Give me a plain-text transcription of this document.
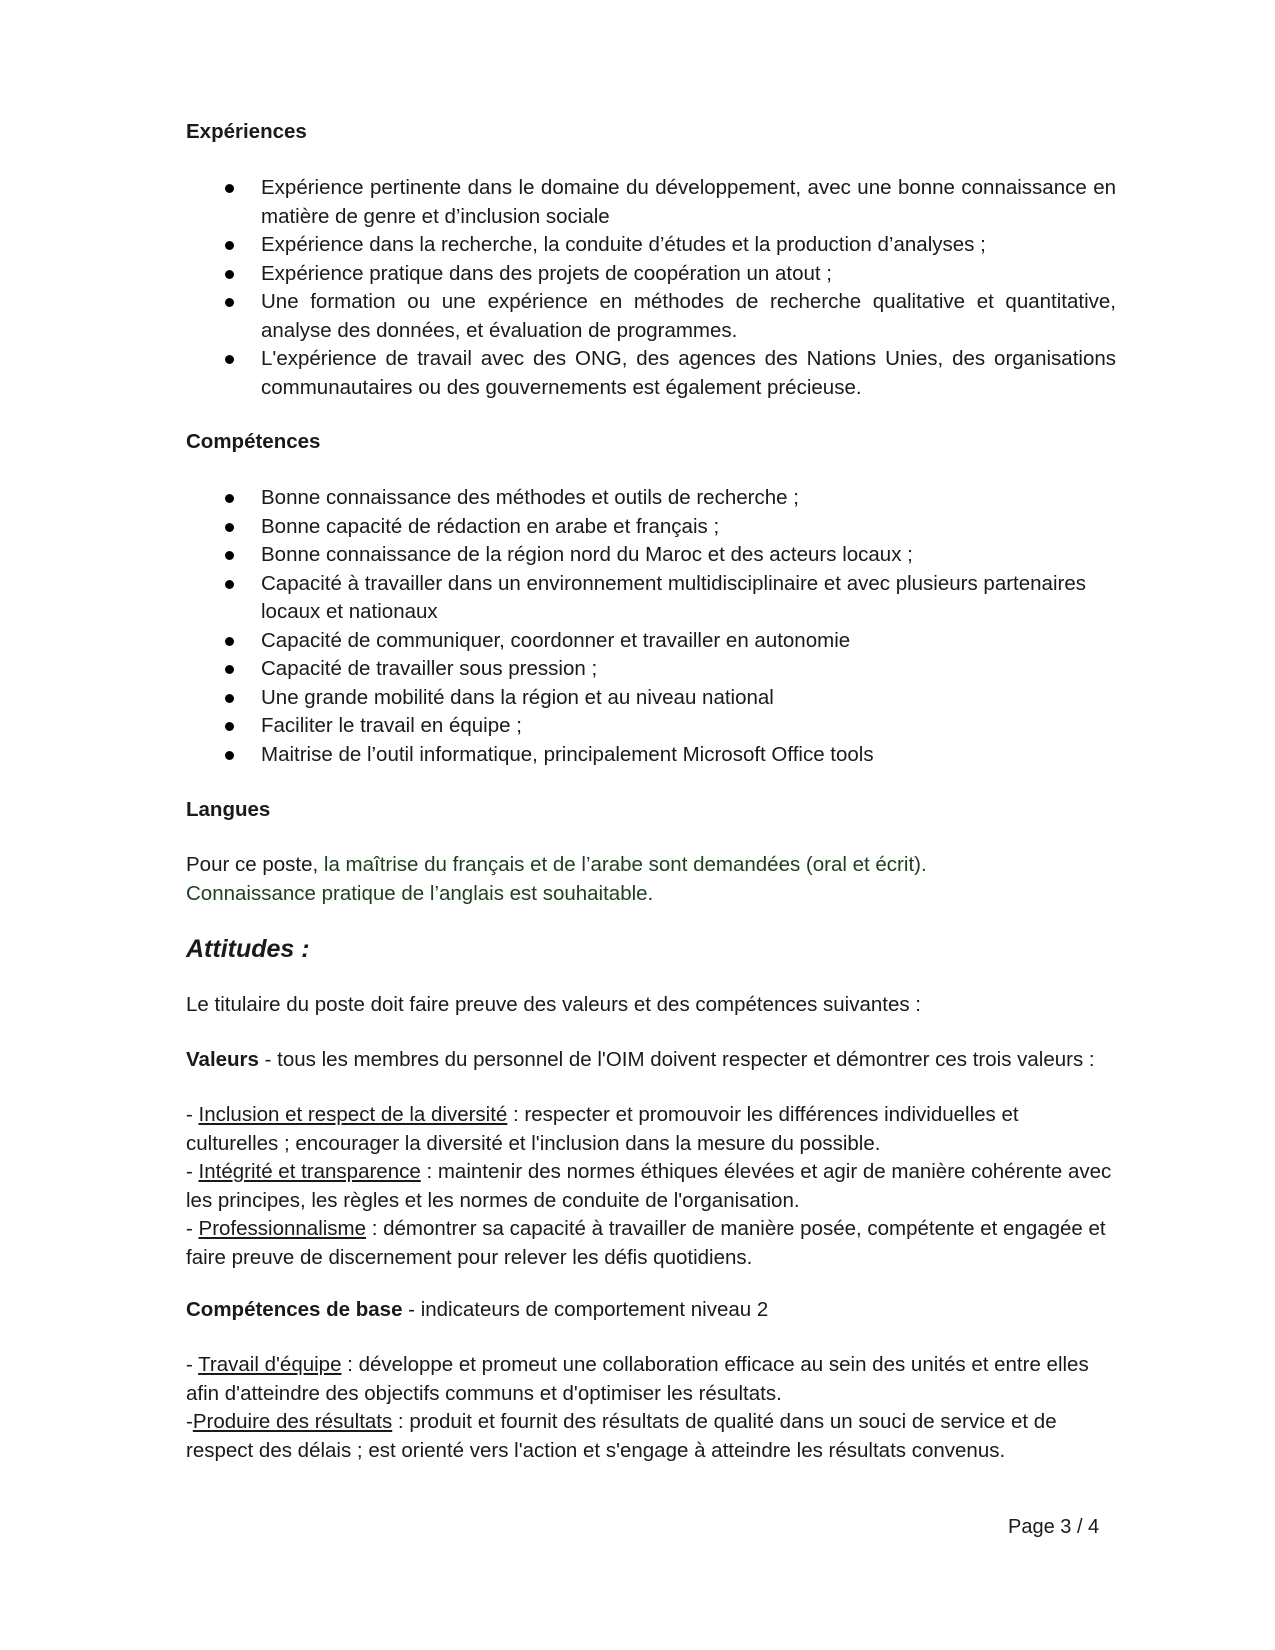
Expériences
Expérience pertinente dans le domaine du développement, avec une bonne connaissance en matière de genre et d’inclusion sociale
Expérience dans la recherche, la conduite d’études et la production d’analyses ;
Expérience pratique dans des projets de coopération un atout ;
Une formation ou une expérience en méthodes de recherche qualitative et quantitative, analyse des données, et évaluation de programmes.
L'expérience de travail avec des ONG, des agences des Nations Unies, des organisations communautaires ou des gouvernements est également précieuse.
Compétences
Bonne connaissance des méthodes et outils de recherche ;
Bonne capacité de rédaction en arabe et français ;
Bonne connaissance de la région nord du Maroc et des acteurs locaux ;
Capacité à travailler dans un environnement multidisciplinaire et avec plusieurs partenaires locaux et nationaux
Capacité de communiquer, coordonner et travailler en autonomie
Capacité de travailler sous pression ;
Une grande mobilité dans la région et au niveau national
Faciliter le travail en équipe ;
Maitrise de l’outil informatique, principalement Microsoft Office tools
Langues
Pour ce poste, la maîtrise du français et de l’arabe sont demandées (oral et écrit).
Connaissance pratique de l’anglais est souhaitable.
Attitudes :
Le titulaire du poste doit faire preuve des valeurs et des compétences suivantes :
Valeurs - tous les membres du personnel de l'OIM doivent respecter et démontrer ces trois valeurs :
- Inclusion et respect de la diversité : respecter et promouvoir les différences individuelles et culturelles ; encourager la diversité et l'inclusion dans la mesure du possible.
- Intégrité et transparence : maintenir des normes éthiques élevées et agir de manière cohérente avec les principes, les règles et les normes de conduite de l'organisation.
- Professionnalisme : démontrer sa capacité à travailler de manière posée, compétente et engagée et faire preuve de discernement pour relever les défis quotidiens.
Compétences de base - indicateurs de comportement niveau 2
- Travail d'équipe : développe et promeut une collaboration efficace au sein des unités et entre elles afin d'atteindre des objectifs communs et d'optimiser les résultats.
-Produire des résultats : produit et fournit des résultats de qualité dans un souci de service et de respect des délais ; est orienté vers l'action et s'engage à atteindre les résultats convenus.
Page 3 / 4
